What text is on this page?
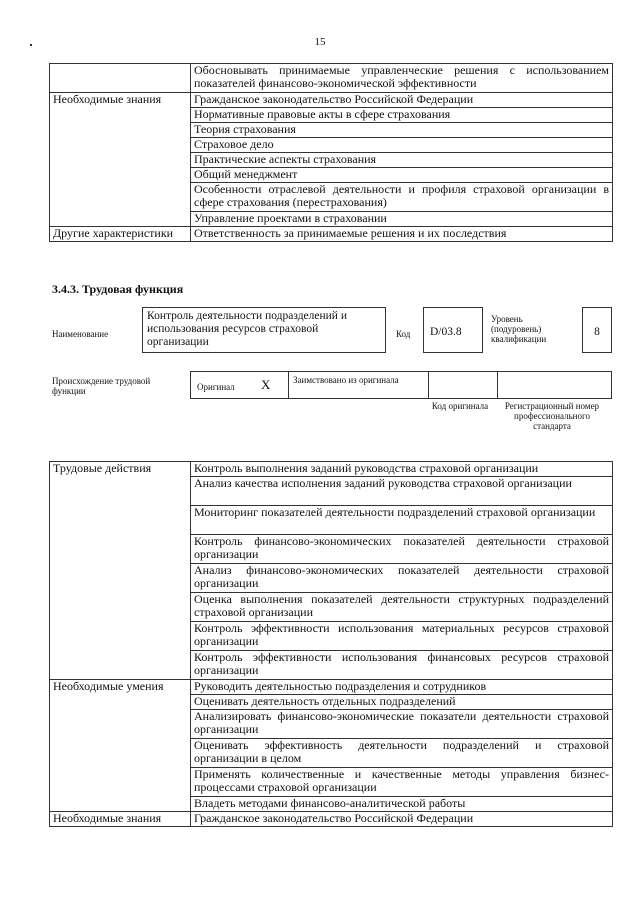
15
	Обосновывать принимаемые управленческие решения с использованием показателей финансово-экономической эффективности
Необходимые знания	Гражданское законодательство Российской Федерации
	Нормативные правовые акты в сфере страхования
	Теория страхования
	Страховое дело
	Практические аспекты страхования
	Общий менеджмент
	Особенности отраслевой деятельности и профиля страховой организации в сфере страхования (перестрахования)
	Управление проектами в страховании
Другие характеристики	Ответственность за принимаемые решения и их последствия
3.4.3. Трудовая функция
Наименование
Контроль деятельности подразделений и использования ресурсов страховой организации
Код	D/03.8
Уровень (подуровень) квалификации
8
Происхождение трудовой функции	Оригинал X	Заимствовано из оригинала
Код оригинала	Регистрационный номер профессионального стандарта
Трудовые действия	Контроль выполнения заданий руководства страховой организации
	Анализ качества исполнения заданий руководства страховой организации
	Мониторинг показателей деятельности подразделений страховой организации
	Контроль финансово-экономических показателей деятельности страховой организации
	Анализ финансово-экономических показателей деятельности страховой организации
	Оценка выполнения показателей деятельности структурных подразделений страховой организации
	Контроль эффективности использования материальных ресурсов страховой организации
	Контроль эффективности использования финансовых ресурсов страховой организации
Необходимые умения	Руководить деятельностью подразделения и сотрудников
	Оценивать деятельность отдельных подразделений
	Анализировать финансово-экономические показатели деятельности страховой организации
	Оценивать эффективность деятельности подразделений и страховой организации в целом
	Применять количественные и качественные методы управления бизнес-процессами страховой организации
	Владеть методами финансово-аналитической работы
Необходимые знания	Гражданское законодательство Российской Федерации
